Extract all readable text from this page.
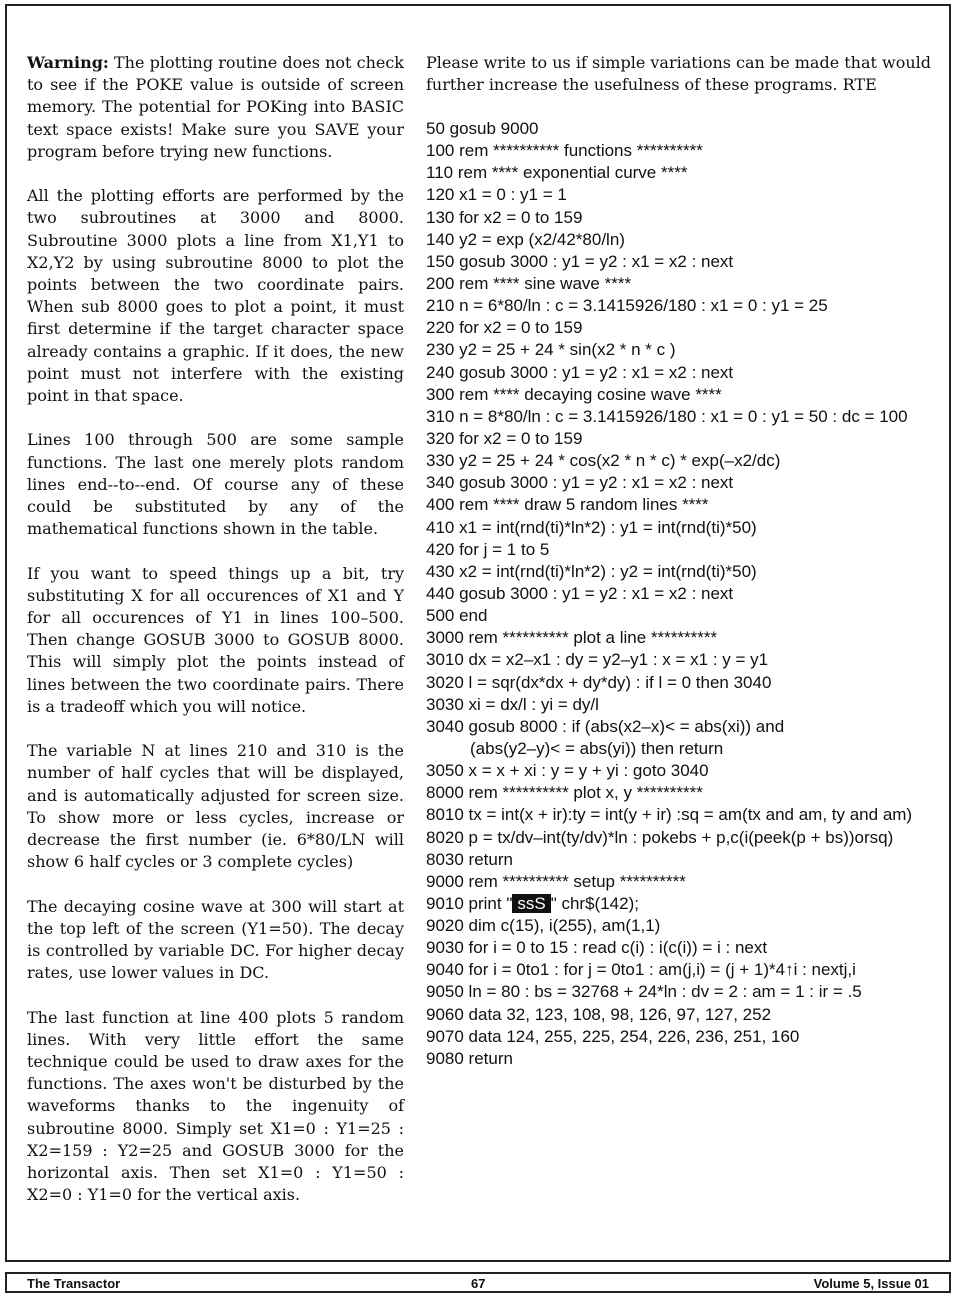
Warning: The plotting routine does not check to see if the POKE value is outside of screen memory. The potential for POKing into BASIC text space exists! Make sure you SAVE your program before trying new functions.

All the plotting efforts are performed by the two subroutines at 3000 and 8000. Subroutine 3000 plots a line from X1,Y1 to X2,Y2 by using subroutine 8000 to plot the points between the two coordinate pairs. When sub 8000 goes to plot a point, it must first determine if the target character space already contains a graphic. If it does, the new point must not interfere with the existing point in that space.

Lines 100 through 500 are some sample functions. The last one merely plots random lines end--to--end. Of course any of these could be substituted by any of the mathematical functions shown in the table.

If you want to speed things up a bit, try substituting X for all occurences of X1 and Y for all occurences of Y1 in lines 100–500. Then change GOSUB 3000 to GOSUB 8000. This will simply plot the points instead of lines between the two coordinate pairs. There is a tradeoff which you will notice.

The variable N at lines 210 and 310 is the number of half cycles that will be displayed, and is automatically adjusted for screen size. To show more or less cycles, increase or decrease the first number (ie. 6*80/LN will show 6 half cycles or 3 complete cycles)

The decaying cosine wave at 300 will start at the top left of the screen (Y1=50). The decay is controlled by variable DC. For higher decay rates, use lower values in DC.

The last function at line 400 plots 5 random lines. With very little effort the same technique could be used to draw axes for the functions. The axes won't be disturbed by the waveforms thanks to the ingenuity of subroutine 8000. Simply set X1=0 : Y1=25 : X2=159 : Y2=25 and GOSUB 3000 for the horizontal axis. Then set X1=0 : Y1=50 : X2=0 : Y1=0 for the vertical axis.

Please write to us if simple variations can be made that would further increase the usefulness of these programs. RTE
50 gosub 9000
100 rem ********** functions **********
110 rem **** exponential curve ****
120 x1 = 0 : y1 = 1
130 for x2 = 0 to 159
140 y2 = exp (x2/42*80/ln)
150 gosub 3000 : y1 = y2 : x1 = x2 : next
200 rem **** sine wave ****
210 n = 6*80/ln : c = 3.1415926/180 : x1 = 0 : y1 = 25
220 for x2 = 0 to 159
230 y2 = 25 + 24 * sin(x2 * n * c )
240 gosub 3000 : y1 = y2 : x1 = x2 : next
300 rem **** decaying cosine wave ****
310 n = 8*80/ln : c = 3.1415926/180 : x1 = 0 : y1 = 50 : dc = 100
320 for x2 = 0 to 159
330 y2 = 25 + 24 * cos(x2 * n * c) * exp(–x2/dc)
340 gosub 3000 : y1 = y2 : x1 = x2 : next
400 rem **** draw 5 random lines ****
410 x1 = int(rnd(ti)*ln*2) : y1 = int(rnd(ti)*50)
420 for j = 1 to 5
430 x2 = int(rnd(ti)*ln*2) : y2 = int(rnd(ti)*50)
440 gosub 3000 : y1 = y2 : x1 = x2 : next
500 end
3000 rem ********** plot a line **********
3010 dx = x2–x1 : dy = y2–y1 : x = x1 : y = y1
3020 l = sqr(dx*dx + dy*dy) : if l = 0 then 3040
3030 xi = dx/l : yi = dy/l
3040 gosub 8000 : if (abs(x2–x)< = abs(xi)) and
(abs(y2–y)< = abs(yi)) then return
3050 x = x + xi : y = y + yi : goto 3040
8000 rem ********** plot x, y **********
8010 tx = int(x + ir):ty = int(y + ir) :sq = am(tx and am, ty and am)
8020 p = tx/dv–int(ty/dv)*ln : pokebs + p,c(i(peek(p + bs))orsq)
8030 return
9000 rem ********** setup **********
9010 print " ssS " chr$(142);
9020 dim c(15), i(255), am(1,1)
9030 for i = 0 to 15 : read c(i) : i(c(i)) = i : next
9040 for i = 0to1 : for j = 0to1 : am(j,i) = (j + 1)*4↑i : nextj,i
9050 ln = 80 : bs = 32768 + 24*ln : dv = 2 : am = 1 : ir = .5
9060 data 32, 123, 108, 98, 126, 97, 127, 252
9070 data 124, 255, 225, 254, 226, 236, 251, 160
9080 return
The Transactor	67	Volume 5, Issue 01
